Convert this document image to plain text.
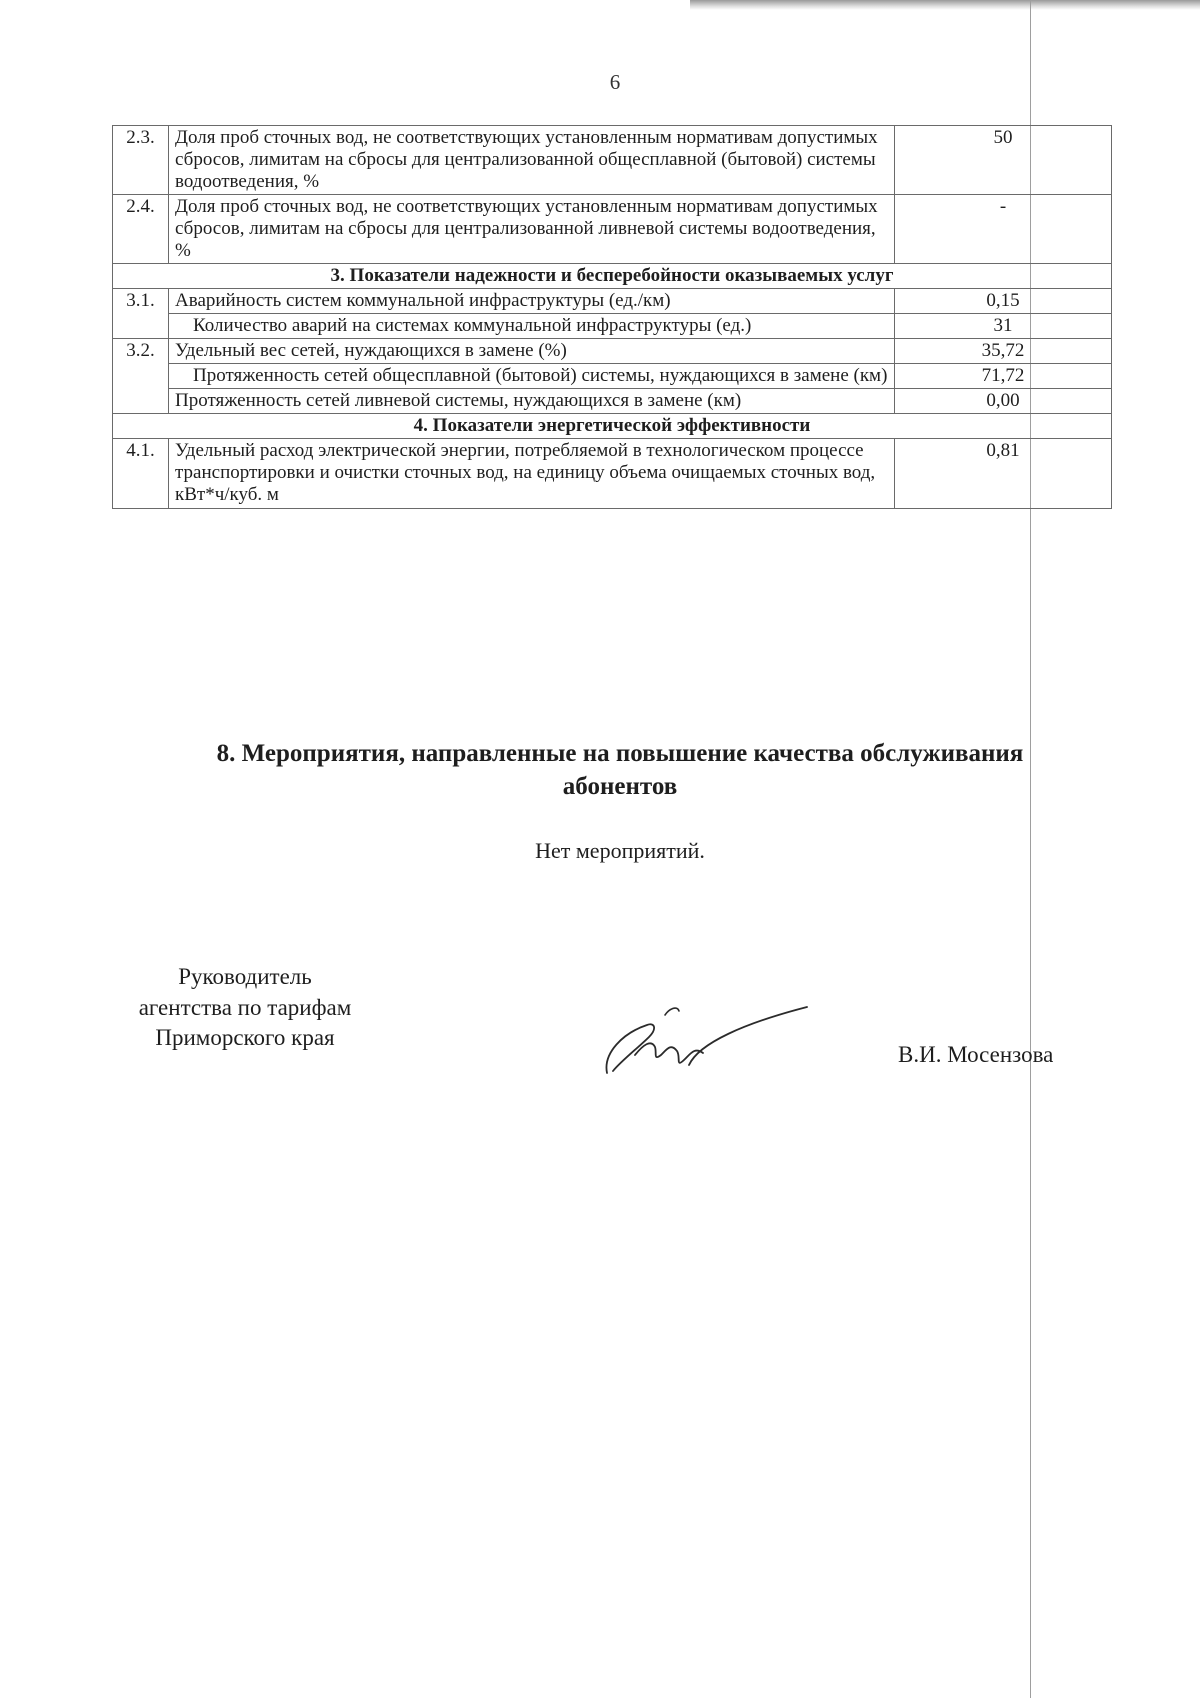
6
2.3.	Доля проб сточных вод, не соответствующих установленным нормативам допустимых сбросов, лимитам на сбросы для централизованной общесплавной (бытовой) системы водоотведения, %	50
2.4.	Доля проб сточных вод, не соответствующих установленным нормативам допустимых сбросов, лимитам на сбросы для централизованной ливневой системы водоотведения, %	-
3. Показатели надежности и бесперебойности оказываемых услуг		
3.1.	Аварийность систем коммунальной инфраструктуры (ед./км)	0,15
	Количество аварий на системах коммунальной инфраструктуры (ед.)	31
3.2.	Удельный вес сетей, нуждающихся в замене (%)	35,72
	Протяженность сетей общесплавной (бытовой) системы, нуждающихся в замене (км)	71,72
	Протяженность сетей ливневой системы, нуждающихся в замене (км)	0,00
4. Показатели энергетической эффективности		
4.1.	Удельный расход электрической энергии, потребляемой в технологическом процессе транспортировки и очистки сточных вод, на единицу объема очищаемых сточных вод, кВт*ч/куб. м	0,81
8. Мероприятия, направленные на повышение качества обслуживания абонентов
Нет мероприятий.
Руководитель
агентства по тарифам
Приморского края
В.И. Мосензова
